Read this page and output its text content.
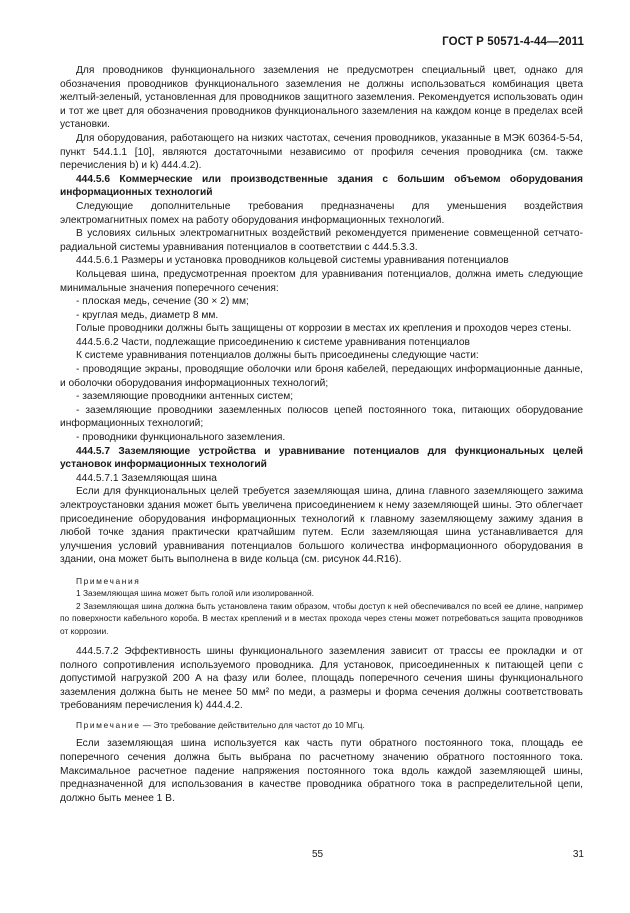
ГОСТ Р 50571-4-44—2011

Для проводников функционального заземления не предусмотрен специальный цвет, однако для обозначения проводников функционального заземления не должны использоваться комбинация цвета желтый-зеленый, установленная для проводников защитного заземления. Рекомендуется использовать один и тот же цвет для обозначения проводников функционального заземления на каждом конце в пределах всей установки.

Для оборудования, работающего на низких частотах, сечения проводников, указанные в МЭК 60364-5-54, пункт 544.1.1 [10], являются достаточными независимо от профиля сечения проводника (см. также перечисления b) и k) 444.4.2).

444.5.6 Коммерческие или производственные здания с большим объемом оборудования информационных технологий

Следующие дополнительные требования предназначены для уменьшения воздействия электромагнитных помех на работу оборудования информационных технологий.

В условиях сильных электромагнитных воздействий рекомендуется применение совмещенной сетчато-радиальной системы уравнивания потенциалов в соответствии с 444.5.3.3.

444.5.6.1 Размеры и установка проводников кольцевой системы уравнивания потенциалов

Кольцевая шина, предусмотренная проектом для уравнивания потенциалов, должна иметь следующие минимальные значения поперечного сечения:

- плоская медь, сечение (30 × 2) мм;

- круглая медь, диаметр 8 мм.

Голые проводники должны быть защищены от коррозии в местах их крепления и проходов через стены.

444.5.6.2 Части, подлежащие присоединению к системе уравнивания потенциалов

К системе уравнивания потенциалов должны быть присоединены следующие части:

- проводящие экраны, проводящие оболочки или броня кабелей, передающих информационные данные, и оболочки оборудования информационных технологий;

- заземляющие проводники антенных систем;

- заземляющие проводники заземленных полюсов цепей постоянного тока, питающих оборудование информационных технологий;

- проводники функционального заземления.

444.5.7 Заземляющие устройства и уравнивание потенциалов для функциональных целей установок информационных технологий

444.5.7.1 Заземляющая шина

Если для функциональных целей требуется заземляющая шина, длина главного заземляющего зажима электроустановки здания может быть увеличена присоединением к нему заземляющей шины. Это облегчает присоединение оборудования информационных технологий к главному заземляющему зажиму здания в любой точке здания практически кратчайшим путем. Если заземляющая шина устанавливается для улучшения условий уравнивания потенциалов большого количества информационного оборудования в здании, она может быть выполнена в виде кольца (см. рисунок 44.R16).

Примечания

1 Заземляющая шина может быть голой или изолированной.

2 Заземляющая шина должна быть установлена таким образом, чтобы доступ к ней обеспечивался по всей ее длине, например по поверхности кабельного короба. В местах креплений и в местах прохода через стены может потребоваться защита проводников от коррозии.

444.5.7.2 Эффективность шины функционального заземления зависит от трассы ее прокладки и от полного сопротивления используемого проводника. Для установок, присоединенных к питающей цепи с допустимой нагрузкой 200 А на фазу или более, площадь поперечного сечения шины функционального заземления должна быть не менее 50 мм² по меди, а размеры и форма сечения должны соответствовать требованиям перечисления k) 444.4.2.

Примечание — Это требование действительно для частот до 10 МГц.

Если заземляющая шина используется как часть пути обратного постоянного тока, площадь ее поперечного сечения должна быть выбрана по расчетному значению обратного постоянного тока. Максимальное расчетное падение напряжения постоянного тока вдоль каждой заземляющей шины, предназначенной для использования в качестве проводника обратного тока в распределительной цепи, должно быть менее 1 В.

55	31
